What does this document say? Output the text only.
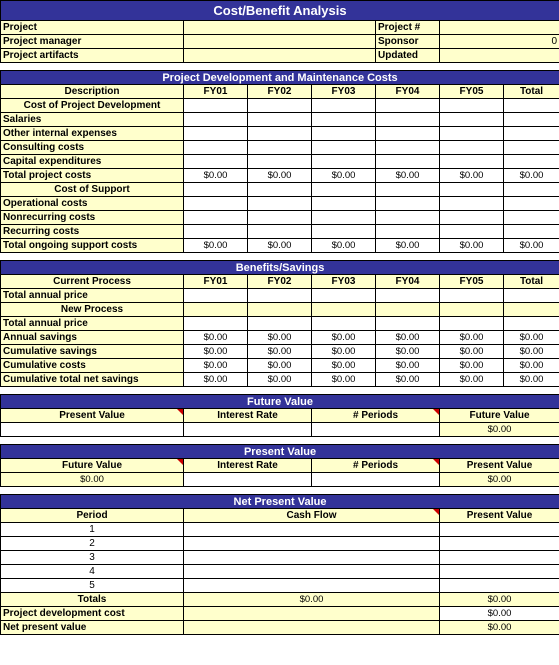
Cost/Benefit Analysis						
Project				Project #		
Project manager				Sponsor	0	
Project artifacts				Updated		

Project Development and Maintenance Costs						
Description	FY01	FY02	FY03	FY04	FY05	Total
Cost of Project Development						
Salaries						
Other internal expenses						
Consulting costs						
Capital expenditures						
Total project costs	$0.00	$0.00	$0.00	$0.00	$0.00	$0.00
Cost of Support						
Operational costs						
Nonrecurring costs						
Recurring costs						
Total ongoing support costs	$0.00	$0.00	$0.00	$0.00	$0.00	$0.00

Benefits/Savings						
Current Process	FY01	FY02	FY03	FY04	FY05	Total
Total annual price						
New Process						
Total annual price						
Annual savings	$0.00	$0.00	$0.00	$0.00	$0.00	$0.00
Cumulative savings	$0.00	$0.00	$0.00	$0.00	$0.00	$0.00
Cumulative costs	$0.00	$0.00	$0.00	$0.00	$0.00	$0.00
Cumulative total net savings	$0.00	$0.00	$0.00	$0.00	$0.00	$0.00

Future Value						
Present Value	Interest Rate		# Periods		Future Value	
					$0.00	

Present Value						
Future Value	Interest Rate		# Periods		Present Value	
$0.00					$0.00	

Net Present Value						
Period	Cash Flow				Present Value	
1						
2						
3						
4						
5						
Totals	$0.00				$0.00	
Project development cost					$0.00	
Net present value					$0.00	
